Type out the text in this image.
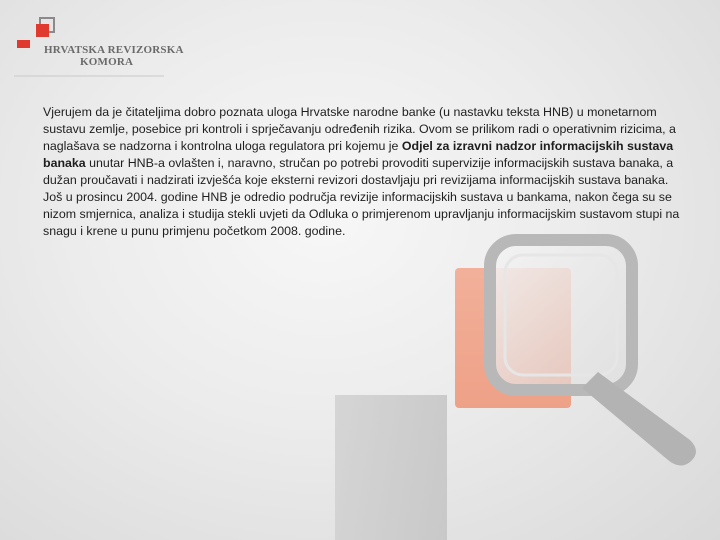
HRVATSKA REVIZORSKA
KOMORA

Vjerujem da je čitateljima dobro poznata uloga Hrvatske narodne banke (u nastavku teksta HNB) u monetarnom sustavu zemlje, posebice pri kontroli i sprječavanju određenih rizika. Ovom se prilikom radi o operativnim rizicima, a naglašava se nadzorna i kontrolna uloga regulatora pri kojemu je Odjel za izravni nadzor informacijskih sustava banaka unutar HNB-a ovlašten i, naravno, stručan po potrebi provoditi supervizije informacijskih sustava banaka, a dužan proučavati i nadzirati izvješća koje eksterni revizori dostavljaju pri revizijama informacijskih sustava banaka. Još u prosincu 2004. godine HNB je odredio područja revizije informacijskih sustava u bankama, nakon čega su se nizom smjernica, analiza i studija stekli uvjeti da Odluka o primjerenom upravljanju informacijskim sustavom stupi na snagu i krene u punu primjenu početkom 2008. godine.
